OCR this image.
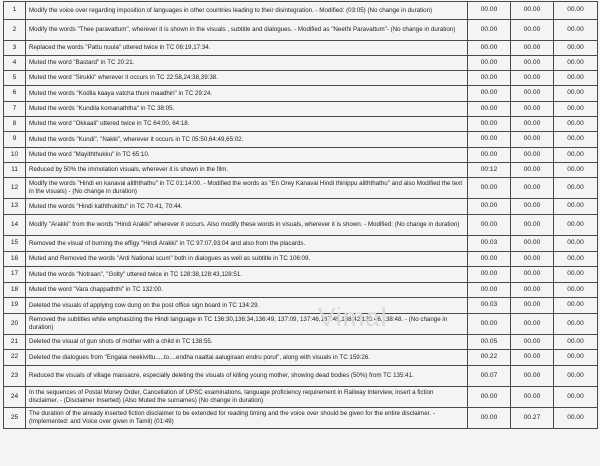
1	Modify the voice over regarding imposition of languages in other countries leading to their disintegration. - Modified: (03:05) (No change in duration)	00.00	00.00	00.00
2	Modify the words "Thee paravattum", wherever it is shown in the visuals , subtitle and dialogues. - Modified as "Neethi Paravattum"- (No change in duration)	00.00	00.00	00.00
3	Replaced the words "Pattu nuula" uttered twice in TC 06:19,17:34.	00.00	00.00	00.00
4	Muted the word "Bastard" in TC 20:21.	00.00	00.00	00.00
5	Muted the word "Sirukki" wherever it occurs in TC 22:58,24:38,39:38.	00.00	00.00	00.00
6	Muted the words "Kodila kaaya vatcha thuni maadhiri" in TC 29:24.	00.00	00.00	00.00
7	Muted the words "Kundila komanaththa" in TC 38:05.	00.00	00.00	00.00
8	Muted the word "Okkaali" uttered twice in TC 64:00, 64:18.	00.00	00.00	00.00
9	Muted the words "Kundi", "Nakki", wherever it occurs in TC 05:50,64:49,65:02.	00.00	00.00	00.00
10	Muted the word "Mayiththukku" in TC 65:10.	00.00	00.00	00.00
11	Reduced by 50% the immolation visuals, wherever it is shown in the film.	00:12	00.00	00.00
12	Modify the words "Hindi en kanavai aliththathu" in TC 01:14:00. - Modified the words as "En Orey Kanavai Hindi thinippu aliththathu" and also Modified the text in the visuals) - (No change in duration)	00.00	00.00	00.00
13	Muted the words "Hindi kaththukittu" in TC 70:41, 70:44.	00.00	00.00	00.00
14	Modify "Arakki" from the words "Hindi Arakki" wherever it occurs. Also modify these words in visuals, wherever it is shown. - Modified: (No change in duration)	00.00	00.00	00.00
15	Removed the visual of burning the effigy "Hindi Arakki" in TC 97:07,93:04 and also from the placards.	00.03	00.00	00.00
16	Muted and Removed the words "Anti National scum" both in dialogues as well as subtitle in TC 106:09.	00.00	00.00	00.00
17	Muted the words "Notraan", "Golty" uttered twice in TC 128:38,128:43,128:51.	00.00	00.00	00.00
18	Muted the word "Vara chappaththi" in TC 132:00.	00.00	00.00	00.00
19	Deleted the visuals of applying cow dung on the post office sign board in TC 134:29.	00.03	00.00	00.00
20	Removed the subtitles while emphasizing the Hindi language in TC 136:30,136:34,136:49, 137:09, 137:46,137:49,138:42,138:46,138:48. - (No change in duration)	00.00	00.00	00.00
21	Deleted the visual of gun shots of mother with a child in TC 138:55.	00.05	00.00	00.00
22	Deleted the dialogues from "Engalai neekivittu.....to....endha naattai aalugiraan endru porul", along with visuals in TC 159:26.	00.22	00.00	00.00
23	Reduced the visuals of village massacre, especially deleting the visuals of killing young mother, showing dead bodies (50%) from TC 135:41.	00.07	00.00	00.00
24	In the sequences of Postal Money Order, Cancellation of UPSC examinations, language proficiency requirement in Railway Interview, insert a fiction disclaimer. - (Disclaimer Inserted) (Also Muted the surnames) (No change in duration)	00.00	00.00	00.00
25	The duration of the already inserted fiction disclaimer to be extended for reading timing and the voice over should be given for the entire disclaimer. - (Implemented: and Voice over given in Tamil) (01:49)	00.00	00.27	00.00
Vimal
